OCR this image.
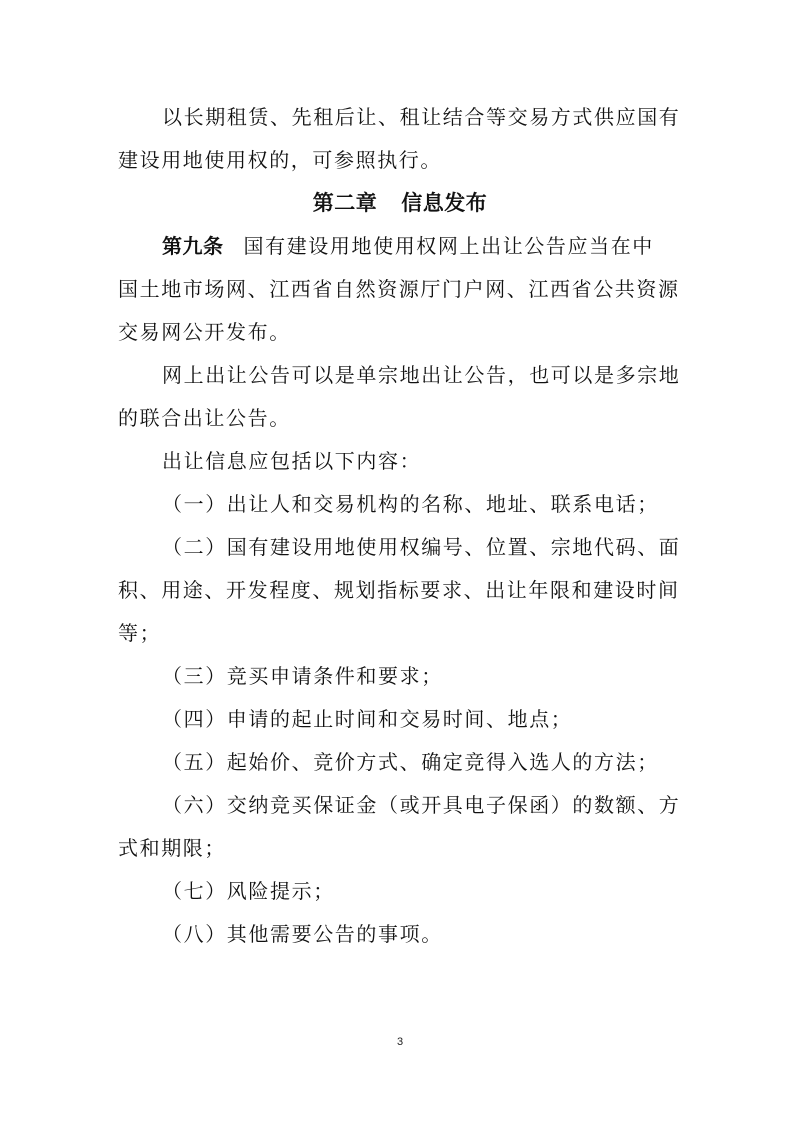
以长期租赁、先租后让、租让结合等交易方式供应国有
建设用地使用权的，可参照执行。
第二章 信息发布
第九条 国有建设用地使用权网上出让公告应当在中
国土地市场网、江西省自然资源厅门户网、江西省公共资源
交易网公开发布。
网上出让公告可以是单宗地出让公告，也可以是多宗地
的联合出让公告。
出让信息应包括以下内容：
（一）出让人和交易机构的名称、地址、联系电话；
（二）国有建设用地使用权编号、位置、宗地代码、面
积、用途、开发程度、规划指标要求、出让年限和建设时间
等；
（三）竞买申请条件和要求；
（四）申请的起止时间和交易时间、地点；
（五）起始价、竞价方式、确定竞得入选人的方法；
（六）交纳竞买保证金（或开具电子保函）的数额、方
式和期限；
（七）风险提示；
（八）其他需要公告的事项。
3
